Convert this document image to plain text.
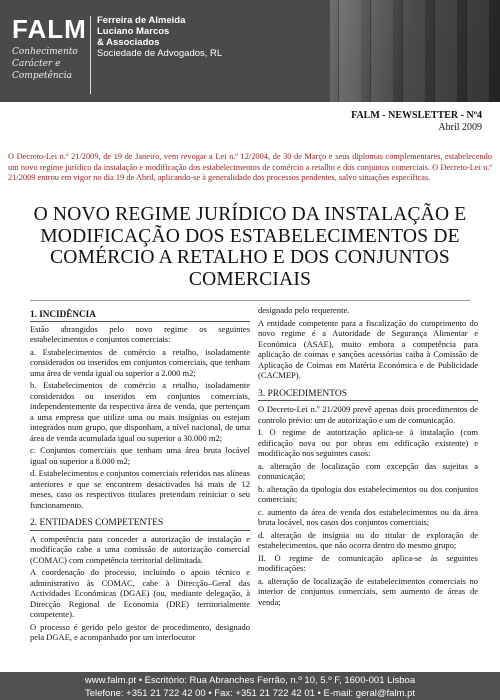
FALM Ferreira de Almeida
Luciano Marcos
& Associados
Sociedade de Advogados, RL
Conhecimento
Carácter e
Competência
FALM - NEWSLETTER - Nº4
Abril 2009
O Decreto-Lei n.º 21/2009, de 19 de Janeiro, vem revogar a Lei n.º 12/2004, de 30 de Março e seus diplomas complementares, estabelecendo um novo regime jurídico da instalação e modificação dos estabelecimentos de comércio a retalho e dos conjuntos comerciais. O Decreto-Lei n.º 21/2009 entrou em vigor no dia 19 de Abril, aplicando-se à generalidade dos processos pendentes, salvo situações específicas.
O NOVO REGIME JURÍDICO DA INSTALAÇÃO E MODIFICAÇÃO DOS ESTABELECIMENTOS DE COMÉRCIO A RETALHO E DOS CONJUNTOS COMERCIAIS
1. INCIDÊNCIA

Estão abrangidos pelo novo regime os seguintes estabelecimentos e conjuntos comerciais:

a. Estabelecimentos de comércio a retalho, isoladamente considerados ou inseridos em conjuntos comerciais, que tenham uma área de venda igual ou superior a 2.000 m2;

b. Estabelecimentos de comércio a retalho, isoladamente considerados ou inseridos em conjuntos comerciais, independentemente da respectiva área de venda, que pertençam a uma empresa que utilize uma ou mais insígnias ou estejam integrados num grupo, que disponham, a nível nacional, de uma área de venda acumulada igual ou superior a 30.000 m2;

c. Conjuntos comerciais que tenham uma área bruta locável igual ou superior a 8.000 m2;

d. Estabelecimentos e conjuntos comerciais referidos nas alíneas anteriores e que se encontrem desactivados há mais de 12 meses, caso os respectivos titulares pretendam reiniciar o seu funcionamento.

2. ENTIDADES COMPETENTES

A competência para conceder a autorização de instalação e modificação cabe a uma comissão de autorização comercial (COMAC) com competência territorial delimitada.

A coordenação do processo, incluindo o apoio técnico e administrativo às COMAC, cabe à Direcção–Geral das Actividades Económicas (DGAE) (ou, mediante delegação, à Direcção Regional de Economia (DRE) territorialmente competente).

O processo é gerido pelo gestor de procedimento, designado pela DGAE, e acompanhado por um interlocutor

designado pelo requerente.

A entidade competente para a fiscalização do cumprimento do novo regime é a Autoridade de Segurança Alimentar e Económica (ASAE), muito embora a competência para aplicação de coimas e sanções acessórias caiba à Comissão de Aplicação de Coimas em Matéria Económica e de Publicidade (CACMEP).

3. PROCEDIMENTOS

O Decreto-Lei n.º 21/2009 prevê apenas dois procedimentos de controlo prévio: um de autorização e um de comunicação.

I. O regime de autorização aplica-se à instalação (com edificação nova ou por obras em edificação existente) e modificação nos seguintes casos:

a. alteração de localização com excepção das sujeitas a comunicação;

b. alteração da tipologia dos estabelecimentos ou dos conjuntos comerciais;

c. aumento da área de venda dos estabelecimentos ou da área bruta locável, nos casos dos conjuntos comerciais;

d. alteração de insígnia ou do titular de exploração de estabelecimentos, que não ocorra dentro do mesmo grupo;

II. O regime de comunicação aplica-se às seguintes modificações:

a. alteração de localização de estabelecimentos comerciais no interior de conjuntos comerciais, sem aumento de áreas de venda;

www.falm.pt • Escritório: Rua Abranches Ferrão, n.º 10, 5.º F, 1600-001 Lisboa
Telefone: +351 21 722 42 00 • Fax: +351 21 722 42 01 • E-mail: geral@falm.pt
